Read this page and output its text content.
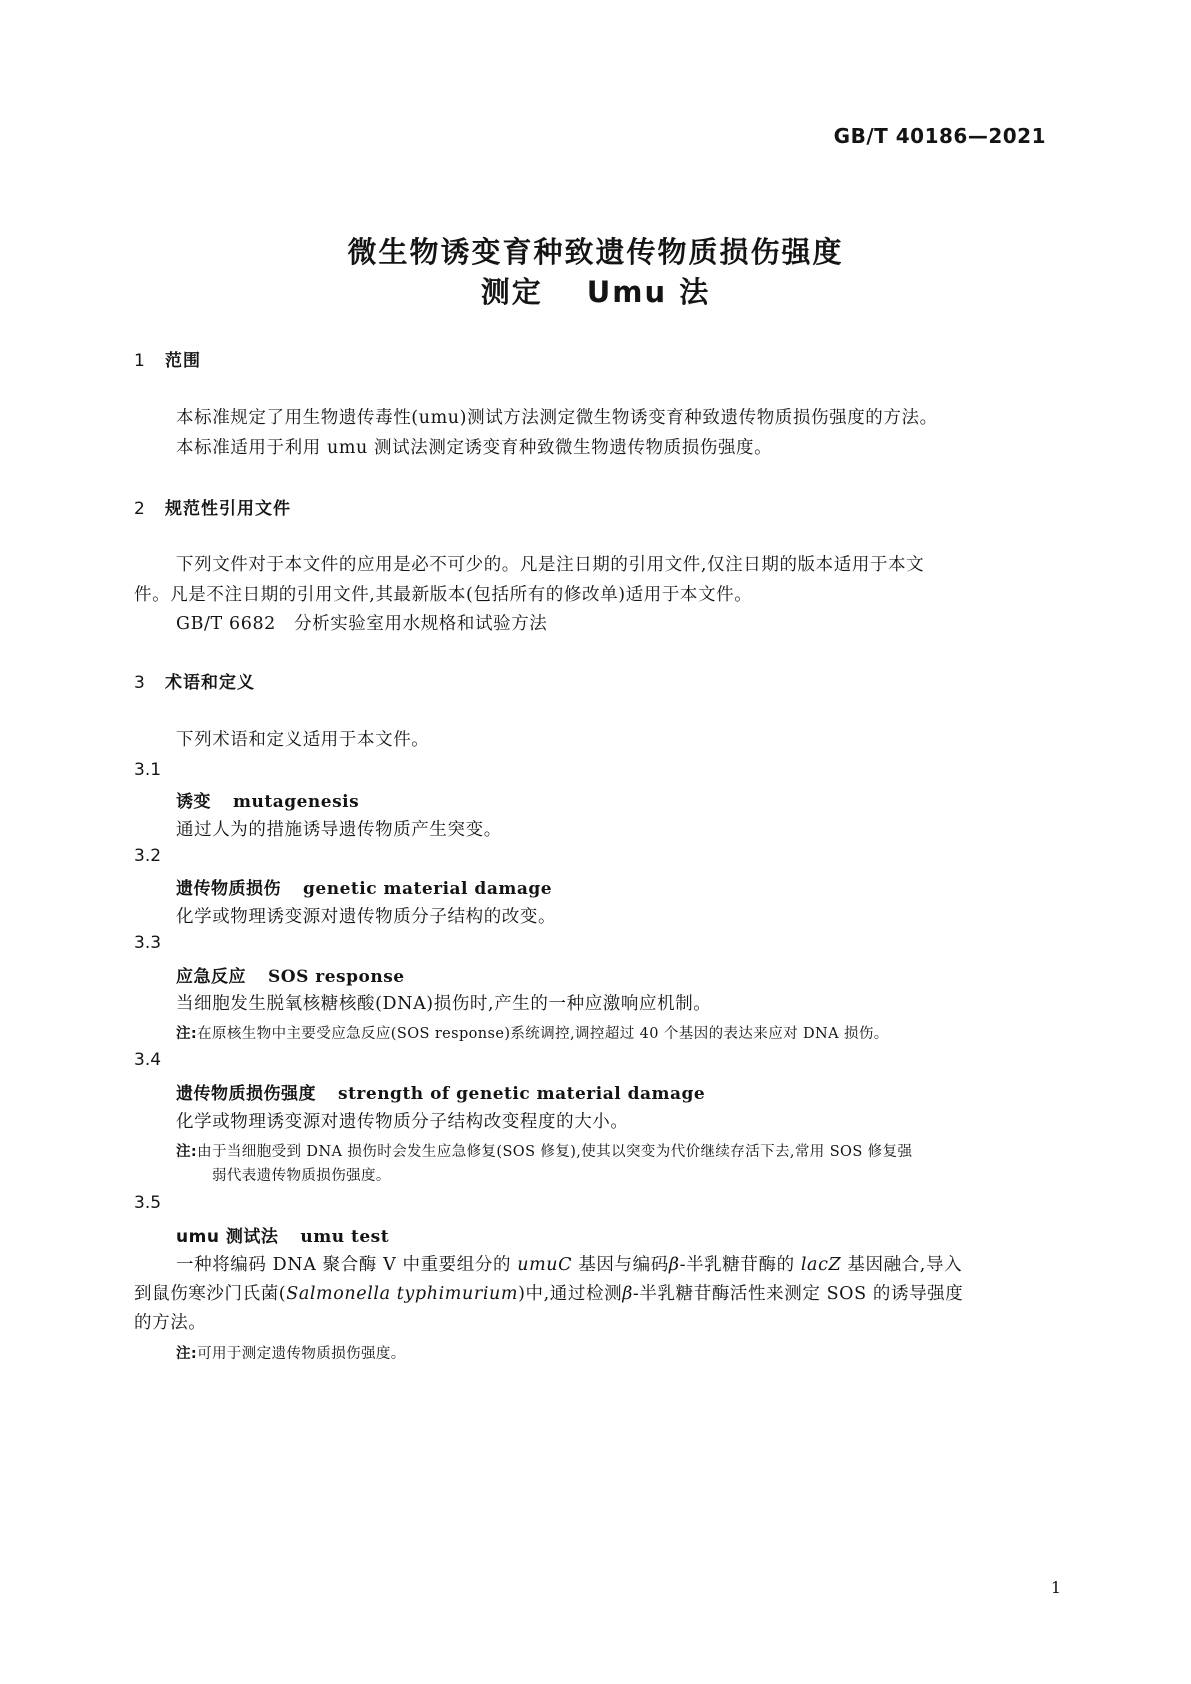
GB/T 40186—2021
微生物诱变育种致遗传物质损伤强度
测定 Umu 法
1 范围
本标准规定了用生物遗传毒性(umu)测试方法测定微生物诱变育种致遗传物质损伤强度的方法。
本标准适用于利用 umu 测试法测定诱变育种致微生物遗传物质损伤强度。
2 规范性引用文件
下列文件对于本文件的应用是必不可少的。凡是注日期的引用文件,仅注日期的版本适用于本文
件。凡是不注日期的引用文件,其最新版本(包括所有的修改单)适用于本文件。
GB/T 6682　分析实验室用水规格和试验方法
3 术语和定义
下列术语和定义适用于本文件。
3.1
诱变 mutagenesis
通过人为的措施诱导遗传物质产生突变。
3.2
遗传物质损伤 genetic material damage
化学或物理诱变源对遗传物质分子结构的改变。
3.3
应急反应 SOS response
当细胞发生脱氧核糖核酸(DNA)损伤时,产生的一种应激响应机制。
注:在原核生物中主要受应急反应(SOS response)系统调控,调控超过 40 个基因的表达来应对 DNA 损伤。
3.4
遗传物质损伤强度 strength of genetic material damage
化学或物理诱变源对遗传物质分子结构改变程度的大小。
注:由于当细胞受到 DNA 损伤时会发生应急修复(SOS 修复),使其以突变为代价继续存活下去,常用 SOS 修复强
弱代表遗传物质损伤强度。
3.5
umu 测试法 umu test
一种将编码 DNA 聚合酶 V 中重要组分的 umuC 基因与编码β-半乳糖苷酶的 lacZ 基因融合,导入
到鼠伤寒沙门氏菌(Salmonella typhimurium)中,通过检测β-半乳糖苷酶活性来测定 SOS 的诱导强度
的方法。
注:可用于测定遗传物质损伤强度。
1
